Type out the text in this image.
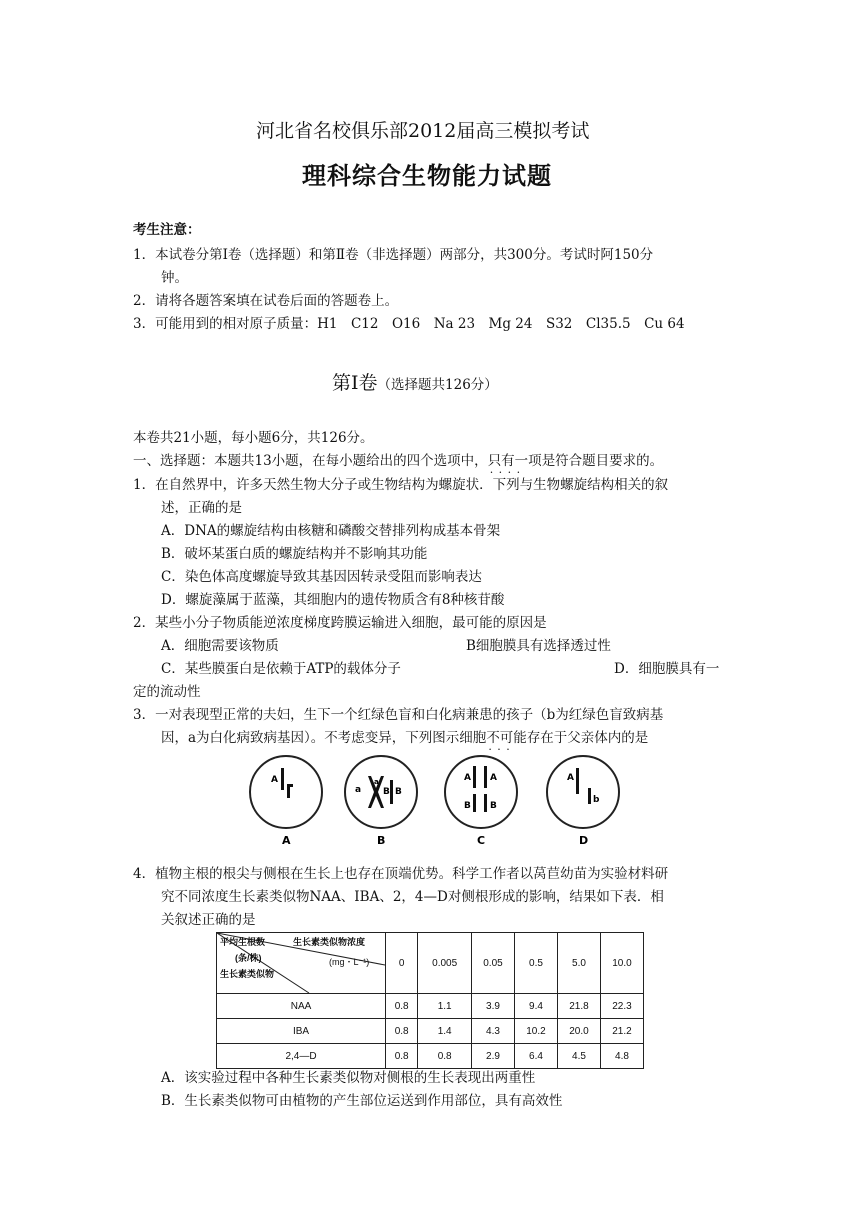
河北省名校俱乐部2012届高三模拟考试
理科综合生物能力试题
考生注意：
1．本试卷分第Ⅰ卷（选择题）和第Ⅱ卷（非选择题）两部分，共300分。考试时阿150分
钟。
2．请将各题答案填在试卷后面的答题卷上。
3．可能用到的相对原子质量：H1　C12　O16　Na 23　Mg 24　S32　Cl35.5　Cu 64
第Ⅰ卷（选择题共126分）
本卷共21小题，每小题6分，共126分。
一、选择题：本题共13小题，在每小题给出的四个选项中，只有一项 · · · ·是符合题目要求的。
1．在自然界中，许多天然生物大分子或生物结构为螺旋状．下列与生物螺旋结构相关的叙
述，正确的是
A．DNA的螺旋结构由核糖和磷酸交替排列构成基本骨架
B．破坏某蛋白质的螺旋结构并不影响其功能
C．染色体高度螺旋导致其基因因转录受阻而影响表达
D．螺旋藻属于蓝藻，其细胞内的遗传物质含有8种核苷酸
2．某些小分子物质能逆浓度梯度跨膜运输进入细胞，最可能的原因是
A．细胞需要该物质	B细胞膜具有选择透过性
C．某些膜蛋白是依赖于ATP的载体分子	D．细胞膜具有一
定的流动性
3．一对表现型正常的夫妇，生下一个红绿色盲和白化病兼患的孩子（b为红绿色盲致病基
因，a为白化病致病基因）。不考虑变异，下列图示细胞不可能 · · ·存在于父亲体内的是
A
a
a
B B
A A
B B
A
b
A	B	C	D
4．植物主根的根尖与侧根在生长上也存在顶端优势。科学工作者以莴苣幼苗为实验材料研
究不同浓度生长素类似物NAA、IBA、2，4—D对侧根形成的影响，结果如下表．相
关叙述正确的是
平均生根数 生长素类似物浓度
(条/株) (mg・L⁻¹)
生长素类似物	0	0.005	0.05	0.5	5.0	10.0
NAA	0.8	1.1	3.9	9.4	21.8	22.3
IBA	0.8	1.4	4.3	10.2	20.0	21.2
2,4—D	0.8	0.8	2.9	6.4	4.5	4.8
A．该实验过程中各种生长素类似物对侧根的生长表现出两重性
B．生长素类似物可由植物的产生部位运送到作用部位，具有高效性
